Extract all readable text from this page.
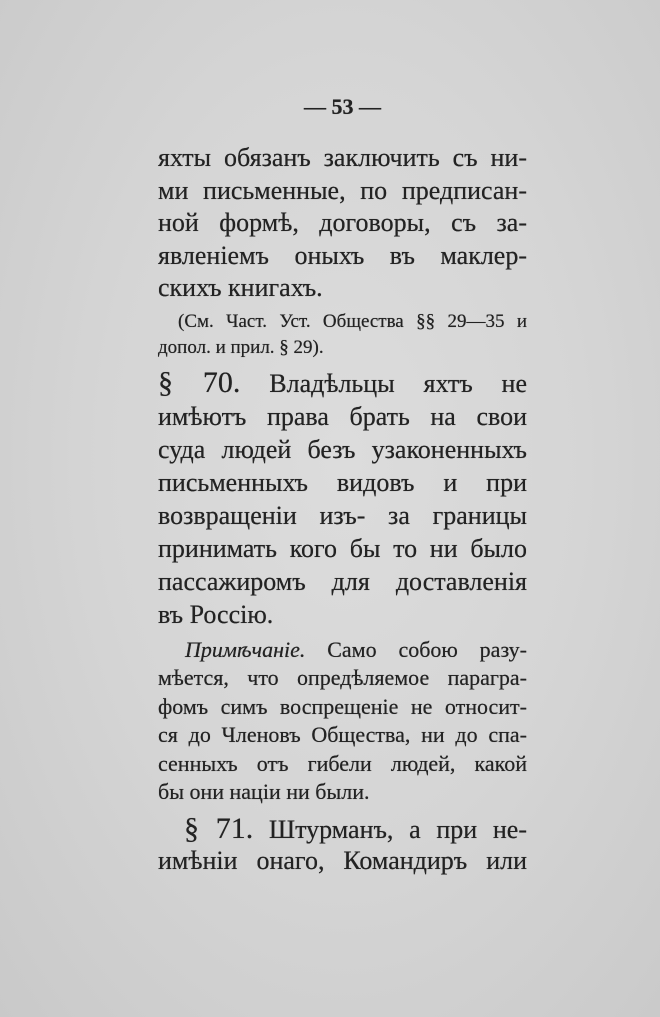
— 53 —
яхты обязанъ заключить съ ни-
ми письменные, по предписан-
ной формѣ, договоры, съ за-
явленіемъ оныхъ въ маклер-
скихъ книгахъ.
(См. Част. Уст. Общества §§ 29—35 и
допол. и прил. § 29).
§ 70. Владѣльцы яхтъ не
имѣютъ права брать на свои
суда людей безъ узаконенныхъ
письменныхъ видовъ и при
возвращеніи изъ- за границы
принимать кого бы то ни было
пассажиромъ для доставленія
въ Россію.
Примѣчаніе. Само собою разу-
мѣется, что опредѣляемое парагра-
фомъ симъ воспрещеніе не относит-
ся до Членовъ Общества, ни до спа-
сенныхъ отъ гибели людей, какой
бы они націи ни были.
§ 71. Штурманъ, а при не-
имѣніи онаго, Командиръ или
